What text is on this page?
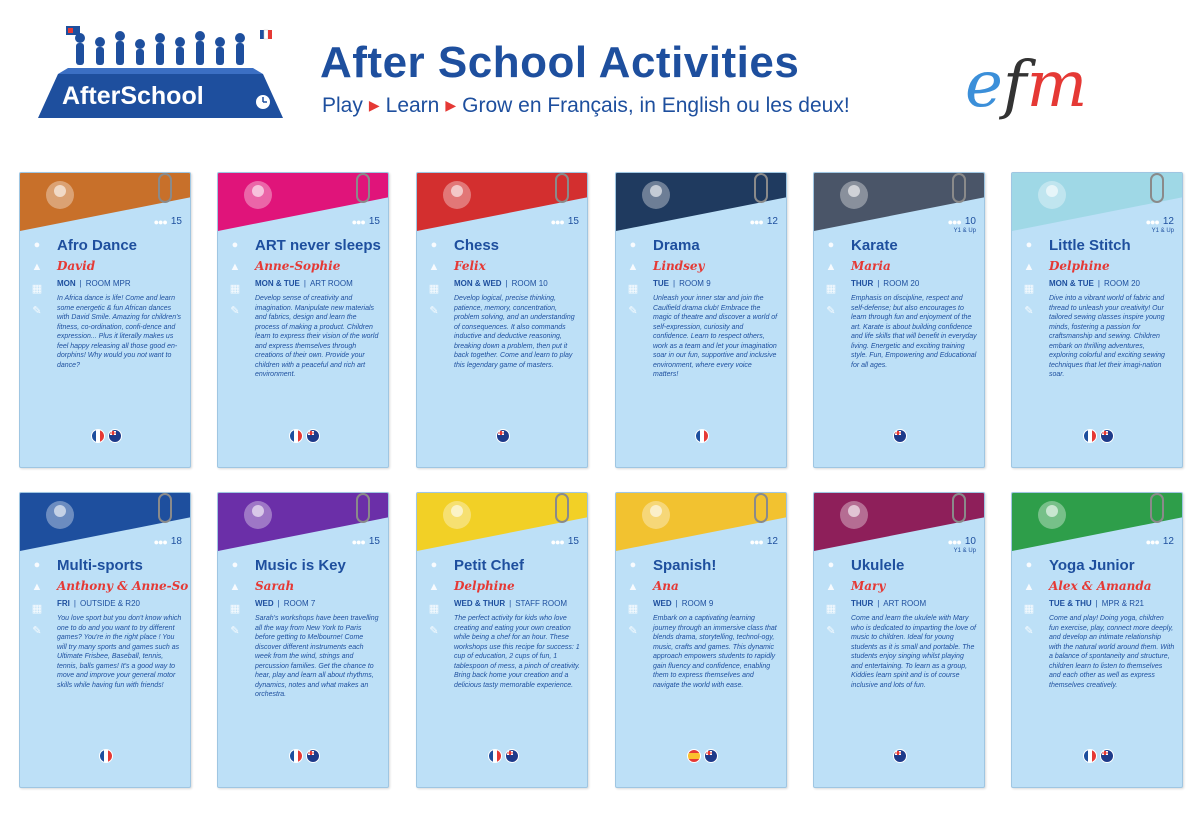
AfterSchool
After School Activities
Play ▶ Learn ▶ Grow en Français, in English ou les deux! efm
●●● 15
●
▲
▦
✎
Afro Dance
David
MON | ROOM MPR
In Africa dance is life! Come and learn some energetic & fun African dances with David Smile. Amazing for children's fitness, co-ordination, confi-dence and expression... Plus it literally makes us feel happy releasing all those good en-dorphins! Why would you not want to dance?
●●● 15
●
▲
▦
✎
ART never sleeps
Anne-Sophie
MON & TUE | ART ROOM
Develop sense of creativity and imagination. Manipulate new materials and fabrics, design and learn the process of making a product. Children learn to express their vision of the world and express themselves through creations of their own. Provide your children with a peaceful and rich art environment.
●●● 15
●
▲
▦
✎
Chess
Felix
MON & WED | ROOM 10
Develop logical, precise thinking, patience, memory, concentration, problem solving, and an understanding of consequences. It also commands inductive and deductive reasoning, breaking down a problem, then put it back together. Come and learn to play this legendary game of masters.
●●● 12
●
▲
▦
✎
Drama
Lindsey
TUE | ROOM 9
Unleash your inner star and join the Caulfield drama club! Embrace the magic of theatre and discover a world of self-expression, curiosity and confidence. Learn to respect others, work as a team and let your imagination soar in our fun, supportive and inclusive environment, where every voice matters!
●●● 10
Y1 & Up
●
▲
▦
✎
Karate
Maria
THUR | ROOM 20
Emphasis on discipline, respect and self-defense; but also encourages to learn through fun and enjoyment of the art. Karate is about building confidence and life skills that will benefit in everyday living. Energetic and exciting training style. Fun, Empowering and Educational for all ages.
●●● 12
Y1 & Up
●
▲
▦
✎
Little Stitch
Delphine
MON & TUE | ROOM 20
Dive into a vibrant world of fabric and thread to unleash your creativity! Our tailored sewing classes inspire young minds, fostering a passion for craftsmanship and sewing. Children embark on thrilling adventures, exploring colorful and exciting sewing techniques that let their imagi-nation soar.
●●● 18
●
▲
▦
✎
Multi-sports
Anthony & Anne-So
FRI | OUTSIDE & R20
You love sport but you don't know which one to do and you want to try different games? You're in the right place ! You will try many sports and games such as Ultimate Frisbee, Baseball, tennis, tennis, balls games! It's a good way to move and improve your general motor skills while having fun with friends!
●●● 15
●
▲
▦
✎
Music is Key
Sarah
WED | ROOM 7
Sarah's workshops have been travelling all the way from New York to Paris before getting to Melbourne! Come discover different instruments each week from the wind, strings and percussion families. Get the chance to hear, play and learn all about rhythms, dynamics, notes and what makes an orchestra.
●●● 15
●
▲
▦
✎
Petit Chef
Delphine
WED & THUR | STAFF ROOM
The perfect activity for kids who love creating and eating your own creation while being a chef for an hour. These workshops use this recipe for success: 1 cup of education, 2 cups of fun, 1 tablespoon of mess, a pinch of creativity. Bring back home your creation and a delicious tasty memorable experience.
●●● 12
●
▲
▦
✎
Spanish!
Ana
WED | ROOM 9
Embark on a captivating learning journey through an immersive class that blends drama, storytelling, technol-ogy, music, crafts and games. This dynamic approach empowers students to rapidly gain fluency and confidence, enabling them to express themselves and navigate the world with ease.
●●● 10
Y1 & Up
●
▲
▦
✎
Ukulele
Mary
THUR | ART ROOM
Come and learn the ukulele with Mary who is dedicated to imparting the love of music to children. Ideal for young students as it is small and portable. The students enjoy singing whilst playing and entertaining. To learn as a group, Kiddies learn spirit and is of course inclusive and lots of fun.
●●● 12
●
▲
▦
✎
Yoga Junior
Alex & Amanda
TUE & THU | MPR & R21
Come and play! Doing yoga, children fun exercise, play, connect more deeply, and develop an intimate relationship with the natural world around them. With a balance of spontaneity and structure, children learn to listen to themselves and each other as well as express themselves creatively.
